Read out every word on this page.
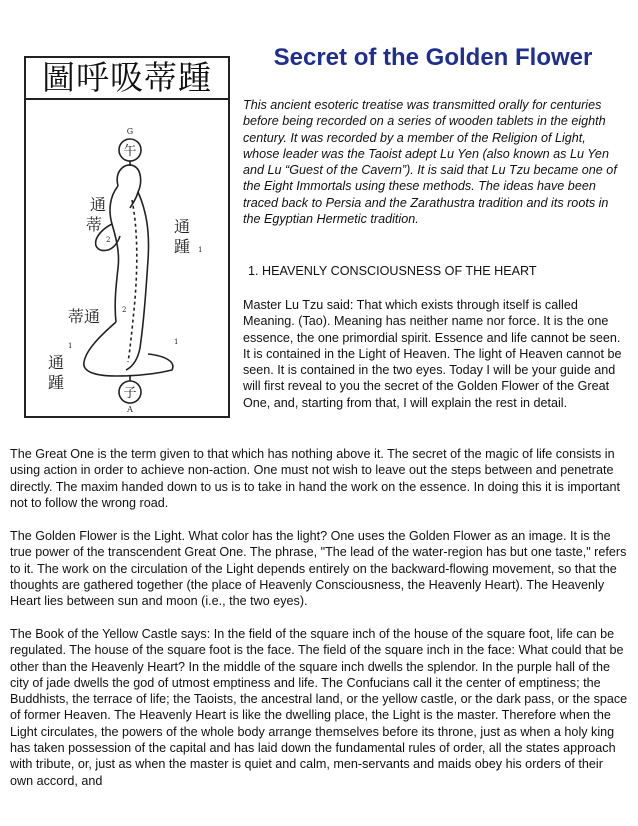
圖呼吸蒂踵
午
G
子
A
通蒂	通踵
蒂通
通踵
2
1
2
1	1
Secret of the Golden Flower

This ancient esoteric treatise was transmitted orally for centuries before being recorded on a series of wooden tablets in the eighth century. It was recorded by a member of the Religion of Light, whose leader was the Taoist adept Lu Yen (also known as Lu Yen and Lu “Guest of the Cavern”). It is said that Lu Tzu became one of the Eight Immortals using these methods. The ideas have been traced back to Persia and the Zarathustra tradition and its roots in the Egyptian Hermetic tradition.

1. HEAVENLY CONSCIOUSNESS OF THE HEART

Master Lu Tzu said: That which exists through itself is called Meaning. (Tao). Meaning has neither name nor force. It is the one essence, the one primordial spirit. Essence and life cannot be seen. It is contained in the Light of Heaven. The light of Heaven cannot be seen. It is contained in the two eyes. Today I will be your guide and will first reveal to you the secret of the Golden Flower of the Great One, and, starting from that, I will explain the rest in detail.

The Great One is the term given to that which has nothing above it. The secret of the magic of life consists in using action in order to achieve non-action. One must not wish to leave out the steps between and penetrate directly. The maxim handed down to us is to take in hand the work on the essence. In doing this it is important not to follow the wrong road.

The Golden Flower is the Light. What color has the light? One uses the Golden Flower as an image. It is the true power of the transcendent Great One. The phrase, "The lead of the water-region has but one taste," refers to it. The work on the circulation of the Light depends entirely on the backward-flowing movement, so that the thoughts are gathered together (the place of Heavenly Consciousness, the Heavenly Heart). The Heavenly Heart lies between sun and moon (i.e., the two eyes).

The Book of the Yellow Castle says: In the field of the square inch of the house of the square foot, life can be regulated. The house of the square foot is the face. The field of the square inch in the face: What could that be other than the Heavenly Heart? In the middle of the square inch dwells the splendor. In the purple hall of the city of jade dwells the god of utmost emptiness and life. The Confucians call it the center of emptiness; the Buddhists, the terrace of life; the Taoists, the ancestral land, or the yellow castle, or the dark pass, or the space of former Heaven. The Heavenly Heart is like the dwelling place, the Light is the master. Therefore when the Light circulates, the powers of the whole body arrange themselves before its throne, just as when a holy king has taken possession of the capital and has laid down the fundamental rules of order, all the states approach with tribute, or, just as when the master is quiet and calm, men-servants and maids obey his orders of their own accord, and
